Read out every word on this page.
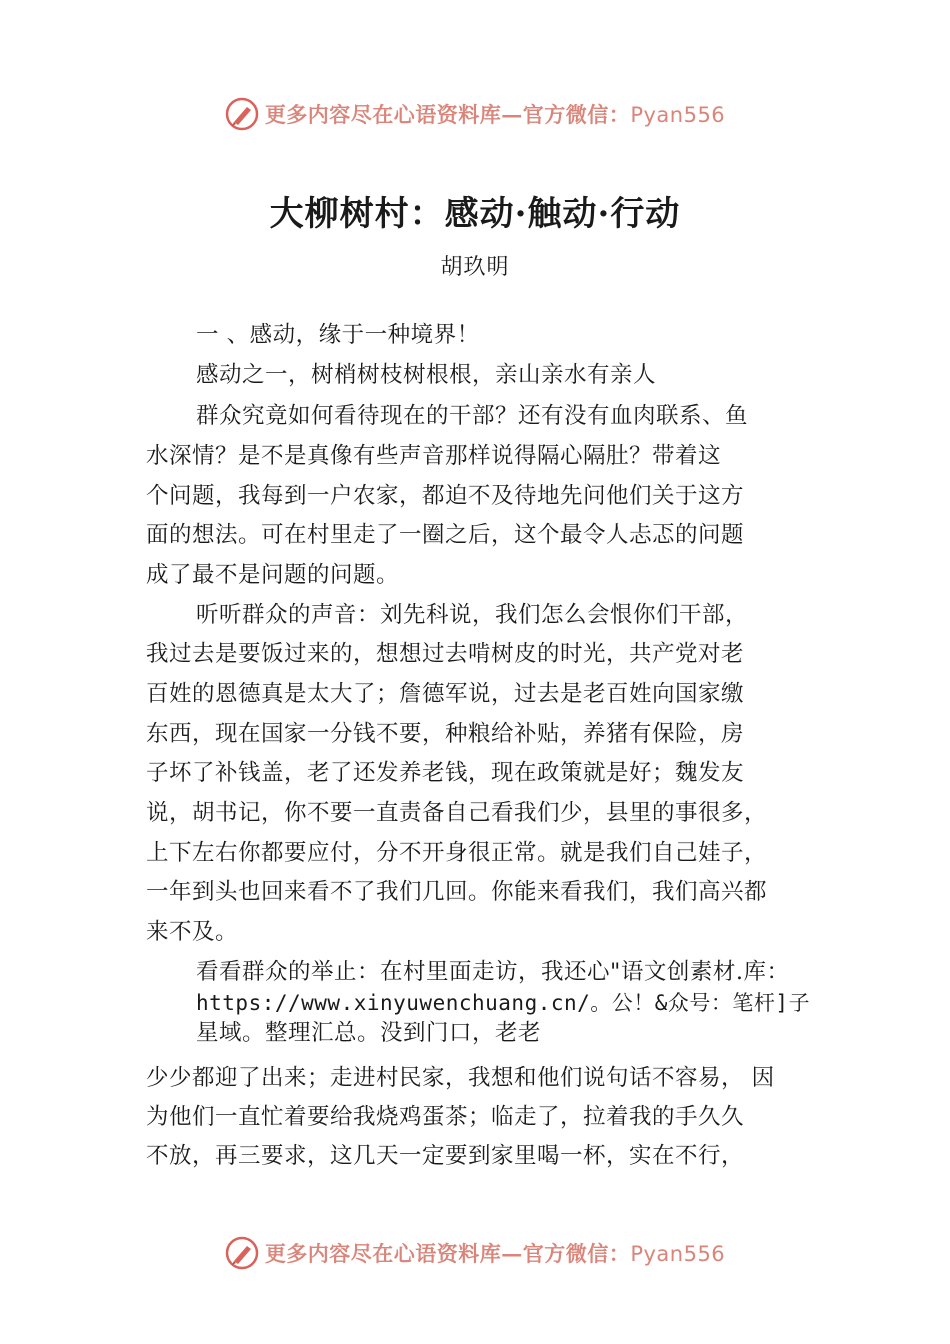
更多内容尽在心语资料库—官方微信：Pyan556
大柳树村：感动·触动·行动
胡玖明
一 、感动，缘于一种境界！
感动之一，树梢树枝树根根，亲山亲水有亲人
群众究竟如何看待现在的干部？还有没有血肉联系、鱼
水深情？是不是真像有些声音那样说得隔心隔肚？带着这
个问题，我每到一户农家，都迫不及待地先问他们关于这方
面的想法。可在村里走了一圈之后，这个最令人忐忑的问题
成了最不是问题的问题。
听听群众的声音：刘先科说，我们怎么会恨你们干部，
我过去是要饭过来的，想想过去啃树皮的时光，共产党对老
百姓的恩德真是太大了；詹德军说，过去是老百姓向国家缴
东西，现在国家一分钱不要，种粮给补贴，养猪有保险，房
子坏了补钱盖，老了还发养老钱，现在政策就是好；魏发友
说，胡书记，你不要一直责备自己看我们少，县里的事很多，
上下左右你都要应付，分不开身很正常。就是我们自己娃子，
一年到头也回来看不了我们几回。你能来看我们，我们高兴都
来不及。
看看群众的举止：在村里面走访，我还心"语文创素材.库：
https://www.xinyuwenchuang.cn/。公！&众号：笔杆]子
星域。整理汇总。没到门口，老老
少少都迎了出来；走进村民家，我想和他们说句话不容易， 因
为他们一直忙着要给我烧鸡蛋茶；临走了，拉着我的手久久
不放，再三要求，这几天一定要到家里喝一杯，实在不行，
更多内容尽在心语资料库—官方微信：Pyan556
